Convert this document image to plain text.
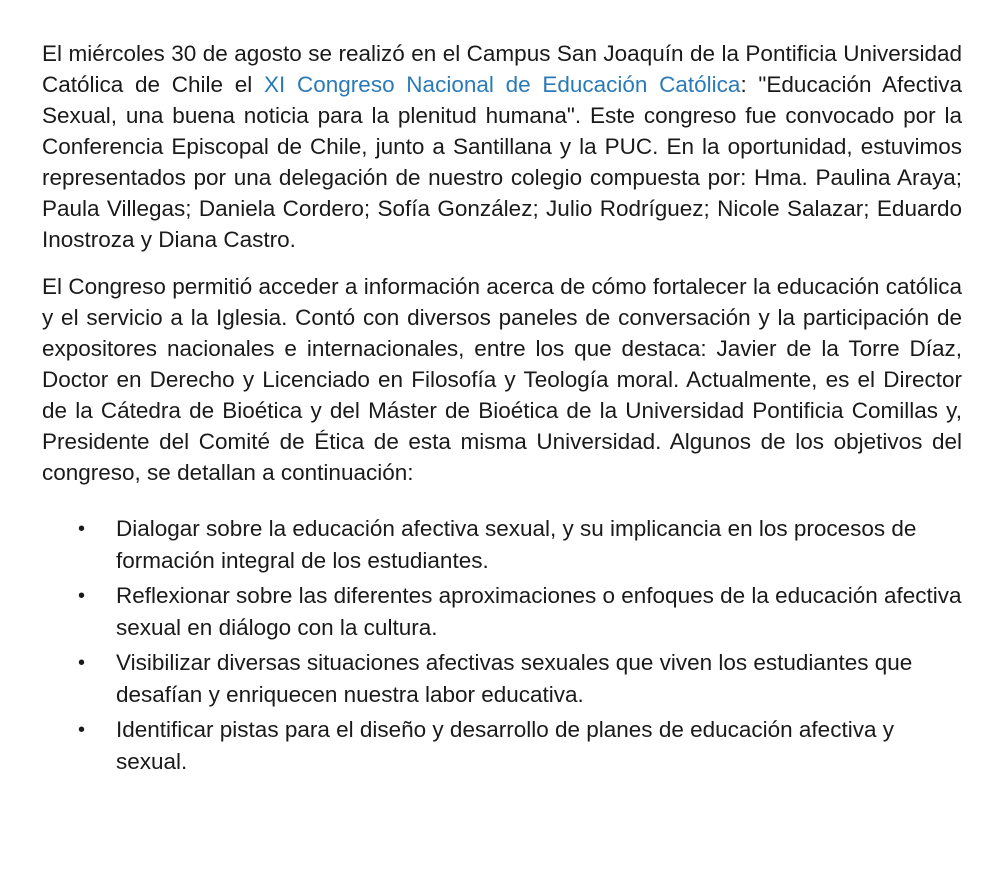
El miércoles 30 de agosto se realizó en el Campus San Joaquín de la Pontificia Universidad Católica de Chile el XI Congreso Nacional de Educación Católica: "Educación Afectiva Sexual, una buena noticia para la plenitud humana". Este congreso fue convocado por la Conferencia Episcopal de Chile, junto a Santillana y la PUC. En la oportunidad, estuvimos representados por una delegación de nuestro colegio compuesta por: Hma. Paulina Araya; Paula Villegas; Daniela Cordero; Sofía González; Julio Rodríguez; Nicole Salazar; Eduardo Inostroza y Diana Castro.

El Congreso permitió acceder a información acerca de cómo fortalecer la educación católica y el servicio a la Iglesia. Contó con diversos paneles de conversación y la participación de expositores nacionales e internacionales, entre los que destaca: Javier de la Torre Díaz, Doctor en Derecho y Licenciado en Filosofía y Teología moral. Actualmente, es el Director de la Cátedra de Bioética y del Máster de Bioética de la Universidad Pontificia Comillas y, Presidente del Comité de Ética de esta misma Universidad. Algunos de los objetivos del congreso, se detallan a continuación:

• Dialogar sobre la educación afectiva sexual, y su implicancia en los procesos de formación integral de los estudiantes.
• Reflexionar sobre las diferentes aproximaciones o enfoques de la educación afectiva sexual en diálogo con la cultura.
• Visibilizar diversas situaciones afectivas sexuales que viven los estudiantes que desafían y enriquecen nuestra labor educativa.
• Identificar pistas para el diseño y desarrollo de planes de educación afectiva y sexual.
